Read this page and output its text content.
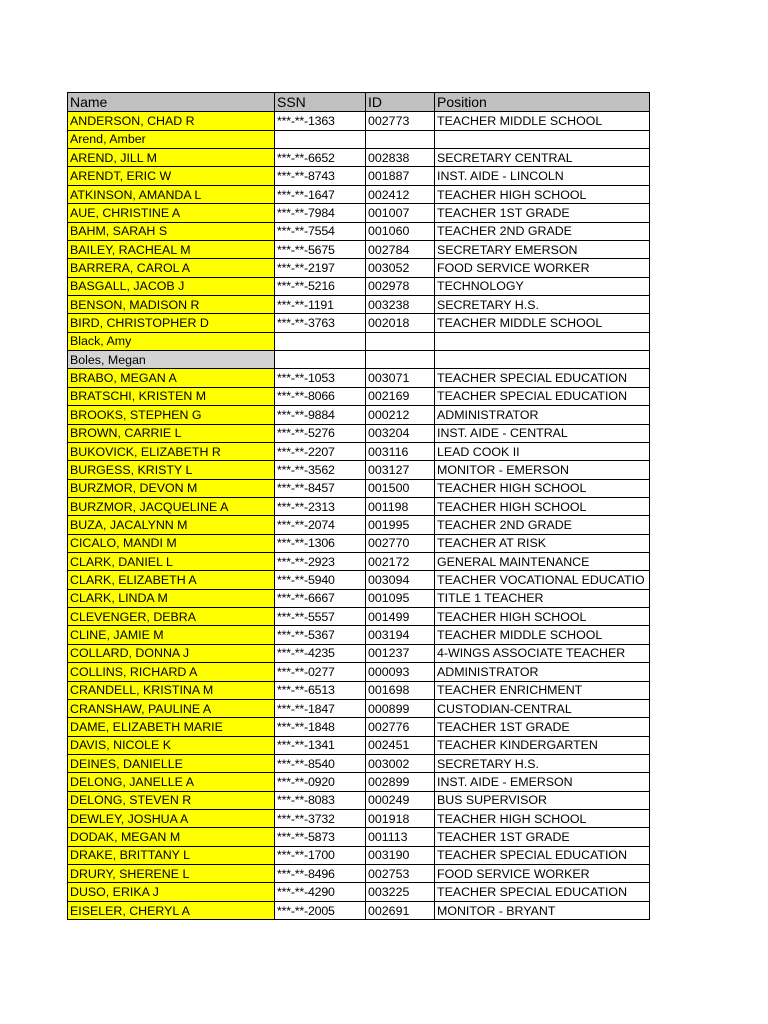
Name	SSN	ID	Position
ANDERSON, CHAD R	***-**-1363	002773	TEACHER MIDDLE SCHOOL
Arend, Amber			
AREND, JILL M	***-**-6652	002838	SECRETARY CENTRAL
ARENDT, ERIC W	***-**-8743	001887	INST. AIDE - LINCOLN
ATKINSON, AMANDA L	***-**-1647	002412	TEACHER HIGH SCHOOL
AUE, CHRISTINE A	***-**-7984	001007	TEACHER 1ST GRADE
BAHM, SARAH S	***-**-7554	001060	TEACHER 2ND GRADE
BAILEY, RACHEAL M	***-**-5675	002784	SECRETARY EMERSON
BARRERA, CAROL A	***-**-2197	003052	FOOD SERVICE WORKER
BASGALL, JACOB J	***-**-5216	002978	TECHNOLOGY
BENSON, MADISON R	***-**-1191	003238	SECRETARY H.S.
BIRD, CHRISTOPHER D	***-**-3763	002018	TEACHER MIDDLE SCHOOL
Black, Amy			
Boles, Megan			
BRABO, MEGAN A	***-**-1053	003071	TEACHER SPECIAL EDUCATION
BRATSCHI, KRISTEN M	***-**-8066	002169	TEACHER SPECIAL EDUCATION
BROOKS, STEPHEN G	***-**-9884	000212	ADMINISTRATOR
BROWN, CARRIE L	***-**-5276	003204	INST. AIDE - CENTRAL
BUKOVICK, ELIZABETH R	***-**-2207	003116	LEAD COOK II
BURGESS, KRISTY L	***-**-3562	003127	MONITOR - EMERSON
BURZMOR, DEVON M	***-**-8457	001500	TEACHER HIGH SCHOOL
BURZMOR, JACQUELINE A	***-**-2313	001198	TEACHER HIGH SCHOOL
BUZA, JACALYNN M	***-**-2074	001995	TEACHER 2ND GRADE
CICALO, MANDI M	***-**-1306	002770	TEACHER AT RISK
CLARK, DANIEL L	***-**-2923	002172	GENERAL MAINTENANCE
CLARK, ELIZABETH A	***-**-5940	003094	TEACHER VOCATIONAL EDUCATIO
CLARK, LINDA M	***-**-6667	001095	TITLE 1 TEACHER
CLEVENGER, DEBRA	***-**-5557	001499	TEACHER HIGH SCHOOL
CLINE, JAMIE M	***-**-5367	003194	TEACHER MIDDLE SCHOOL
COLLARD, DONNA J	***-**-4235	001237	4-WINGS ASSOCIATE TEACHER
COLLINS, RICHARD A	***-**-0277	000093	ADMINISTRATOR
CRANDELL, KRISTINA M	***-**-6513	001698	TEACHER ENRICHMENT
CRANSHAW, PAULINE A	***-**-1847	000899	CUSTODIAN-CENTRAL
DAME, ELIZABETH MARIE	***-**-1848	002776	TEACHER 1ST GRADE
DAVIS, NICOLE K	***-**-1341	002451	TEACHER KINDERGARTEN
DEINES, DANIELLE	***-**-8540	003002	SECRETARY H.S.
DELONG, JANELLE A	***-**-0920	002899	INST. AIDE - EMERSON
DELONG, STEVEN R	***-**-8083	000249	BUS SUPERVISOR
DEWLEY, JOSHUA A	***-**-3732	001918	TEACHER HIGH SCHOOL
DODAK, MEGAN M	***-**-5873	001113	TEACHER 1ST GRADE
DRAKE, BRITTANY L	***-**-1700	003190	TEACHER SPECIAL EDUCATION
DRURY, SHERENE L	***-**-8496	002753	FOOD SERVICE WORKER
DUSO, ERIKA J	***-**-4290	003225	TEACHER SPECIAL EDUCATION
EISELER, CHERYL A	***-**-2005	002691	MONITOR - BRYANT
